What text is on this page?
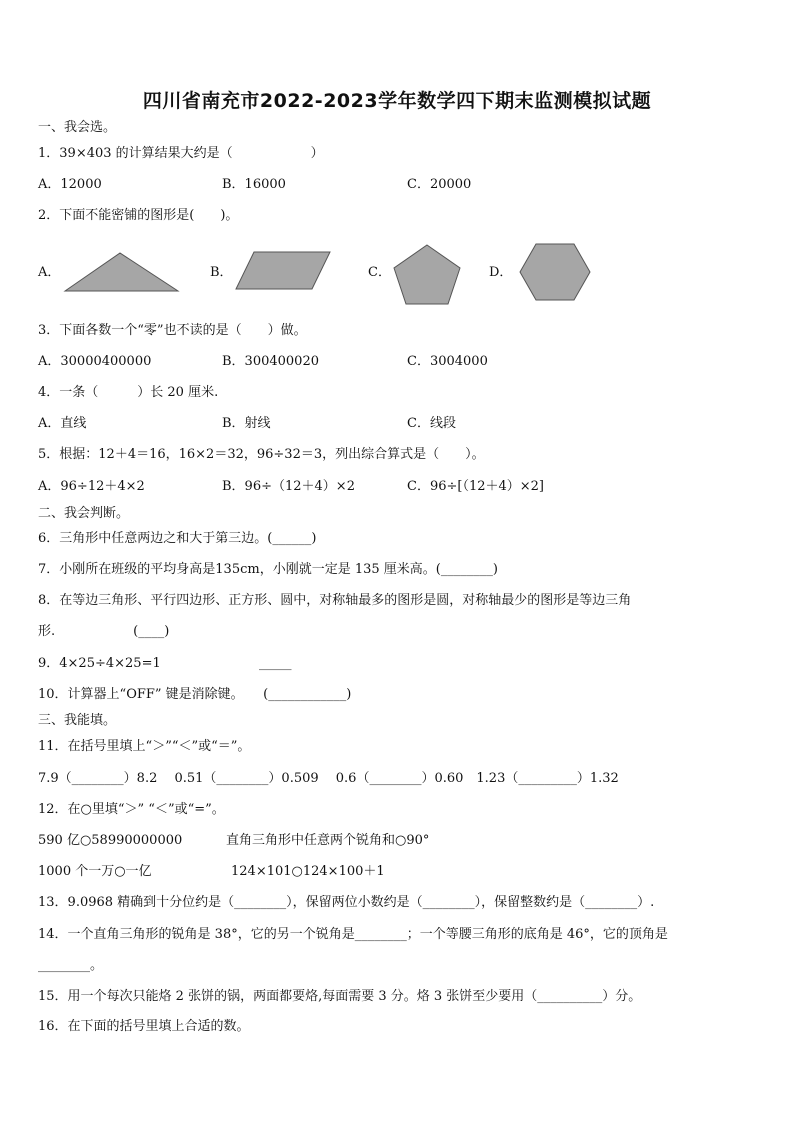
四川省南充市2022-2023学年数学四下期末监测模拟试题
一、我会选。
1．39×403 的计算结果大约是（　　　　　　）
A．12000	B．16000	C．20000
2．下面不能密铺的图形是(　　)。
A．	B．	C．	D．
3．下面各数一个“零”也不读的是（　　）做。
A．30000400000	B．300400020	C．3004000
4．一条（　　　）长 20 厘米.
A．直线	B．射线	C．线段
5．根据：12＋4＝16，16×2＝32，96÷32＝3，列出综合算式是（　　）。
A．96÷12＋4×2	B．96÷（12＋4）×2	C．96÷[（12＋4）×2]
二、我会判断。
6．三角形中任意两边之和大于第三边。(______)
7．小刚所在班级的平均身高是135cm，小刚就一定是 135 厘米高。(________)
8．在等边三角形、平行四边形、正方形、圆中，对称轴最多的图形是圆，对称轴最少的图形是等边三角
形.　　　　　　(____)
9．4×25÷4×25=1	_____
10．计算器上“OFF” 键是消除键。　　(____________)
三、我能填。
11．在括号里填上“＞”“＜”或“＝”。
7.9（________）8.2　 0.51（________）0.509　 0.6（________）0.60　1.23（_________）1.32
12．在○里填“＞” “＜”或“=”。
590 亿○58990000000	直角三角形中任意两个锐角和○90°
1000 个一万○一亿	124×101○124×100＋1
13．9.0968 精确到十分位约是（________），保留两位小数约是（________），保留整数约是（________）.
14．一个直角三角形的锐角是 38°，它的另一个锐角是________；一个等腰三角形的底角是 46°，它的顶角是
________。
15．用一个每次只能烙 2 张饼的锅，两面都要烙,每面需要 3 分。烙 3 张饼至少要用（__________）分。
16．在下面的括号里填上合适的数。
